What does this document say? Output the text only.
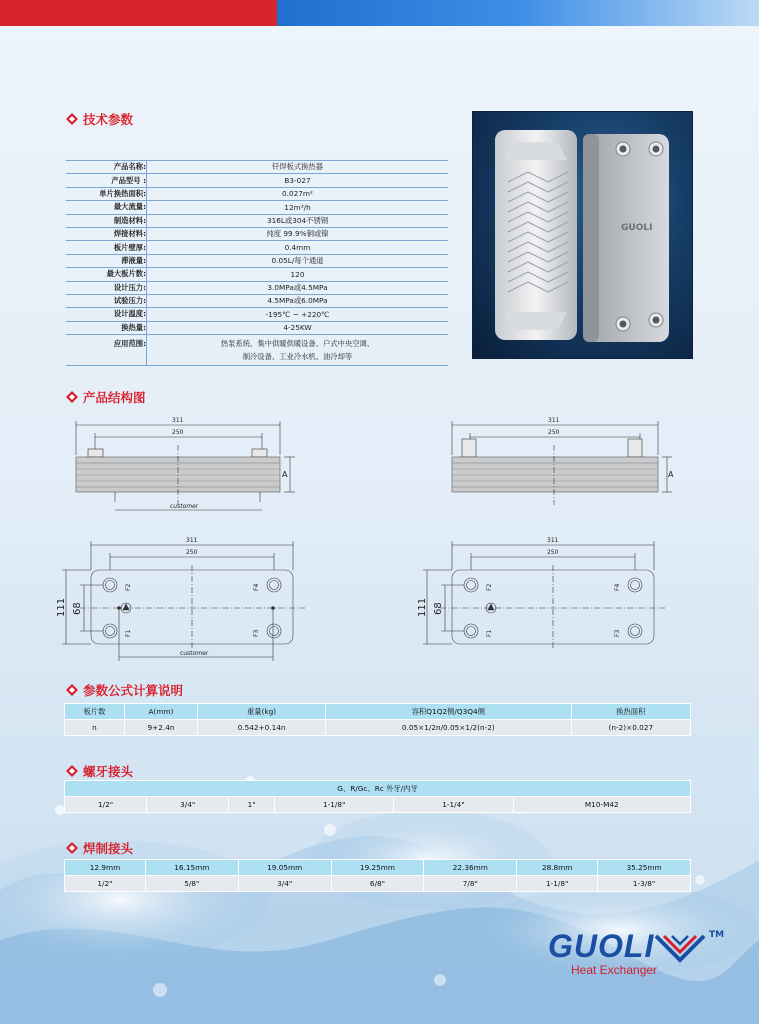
技术参数
产品名称:	钎焊板式换热器
产品型号 :	B3-027
单片换热面积:	0.027m²
最大流量:	12m³/h
制造材料:	316L或304不锈钢
焊接材料:	纯度 99.9%铜或镍
板片壁厚:	0.4mm
滞液量:	0.05L/每个通道
最大板片数:	120
设计压力:	3.0MPa或4.5MPa
试验压力:	4.5MPa或6.0MPa
设计温度:	-195℃ ~ +220℃
换热量:	4-25KW
应用范围:	热泵系统、集中供暖供暖设备、户式中央空调、
制冷设备、工业冷水机、油冷却等
GUOLI
产品结构图
311
250
A
customer
311
250
A
311
250
111 68
F2
F1
F4
F3
customer
311
250
111 68
F2
F1
F4
F3
参数公式计算说明
板片数	A(mm)	重量(kg)	容积Q1Q2侧/Q3Q4侧	换热面积
n	9+2.4n	0.542+0.14n	0.05×1/2n/0.05×1/2(n-2)	(n-2)×0.027
螺牙接头
G、R/Gc、Rc 外牙/内牙
1/2"	3/4"	1"	1-1/8"	1-1/4"	M10-M42
焊制接头
12.9mm	16.15mm	19.05mm	19.25mm	22.36mm	28.8mm	35.25mm
1/2"	5/8"	3/4"	6/8"	7/8"	1-1/8"	1-3/8"
GUOLI	TM
Heat Exchanger
